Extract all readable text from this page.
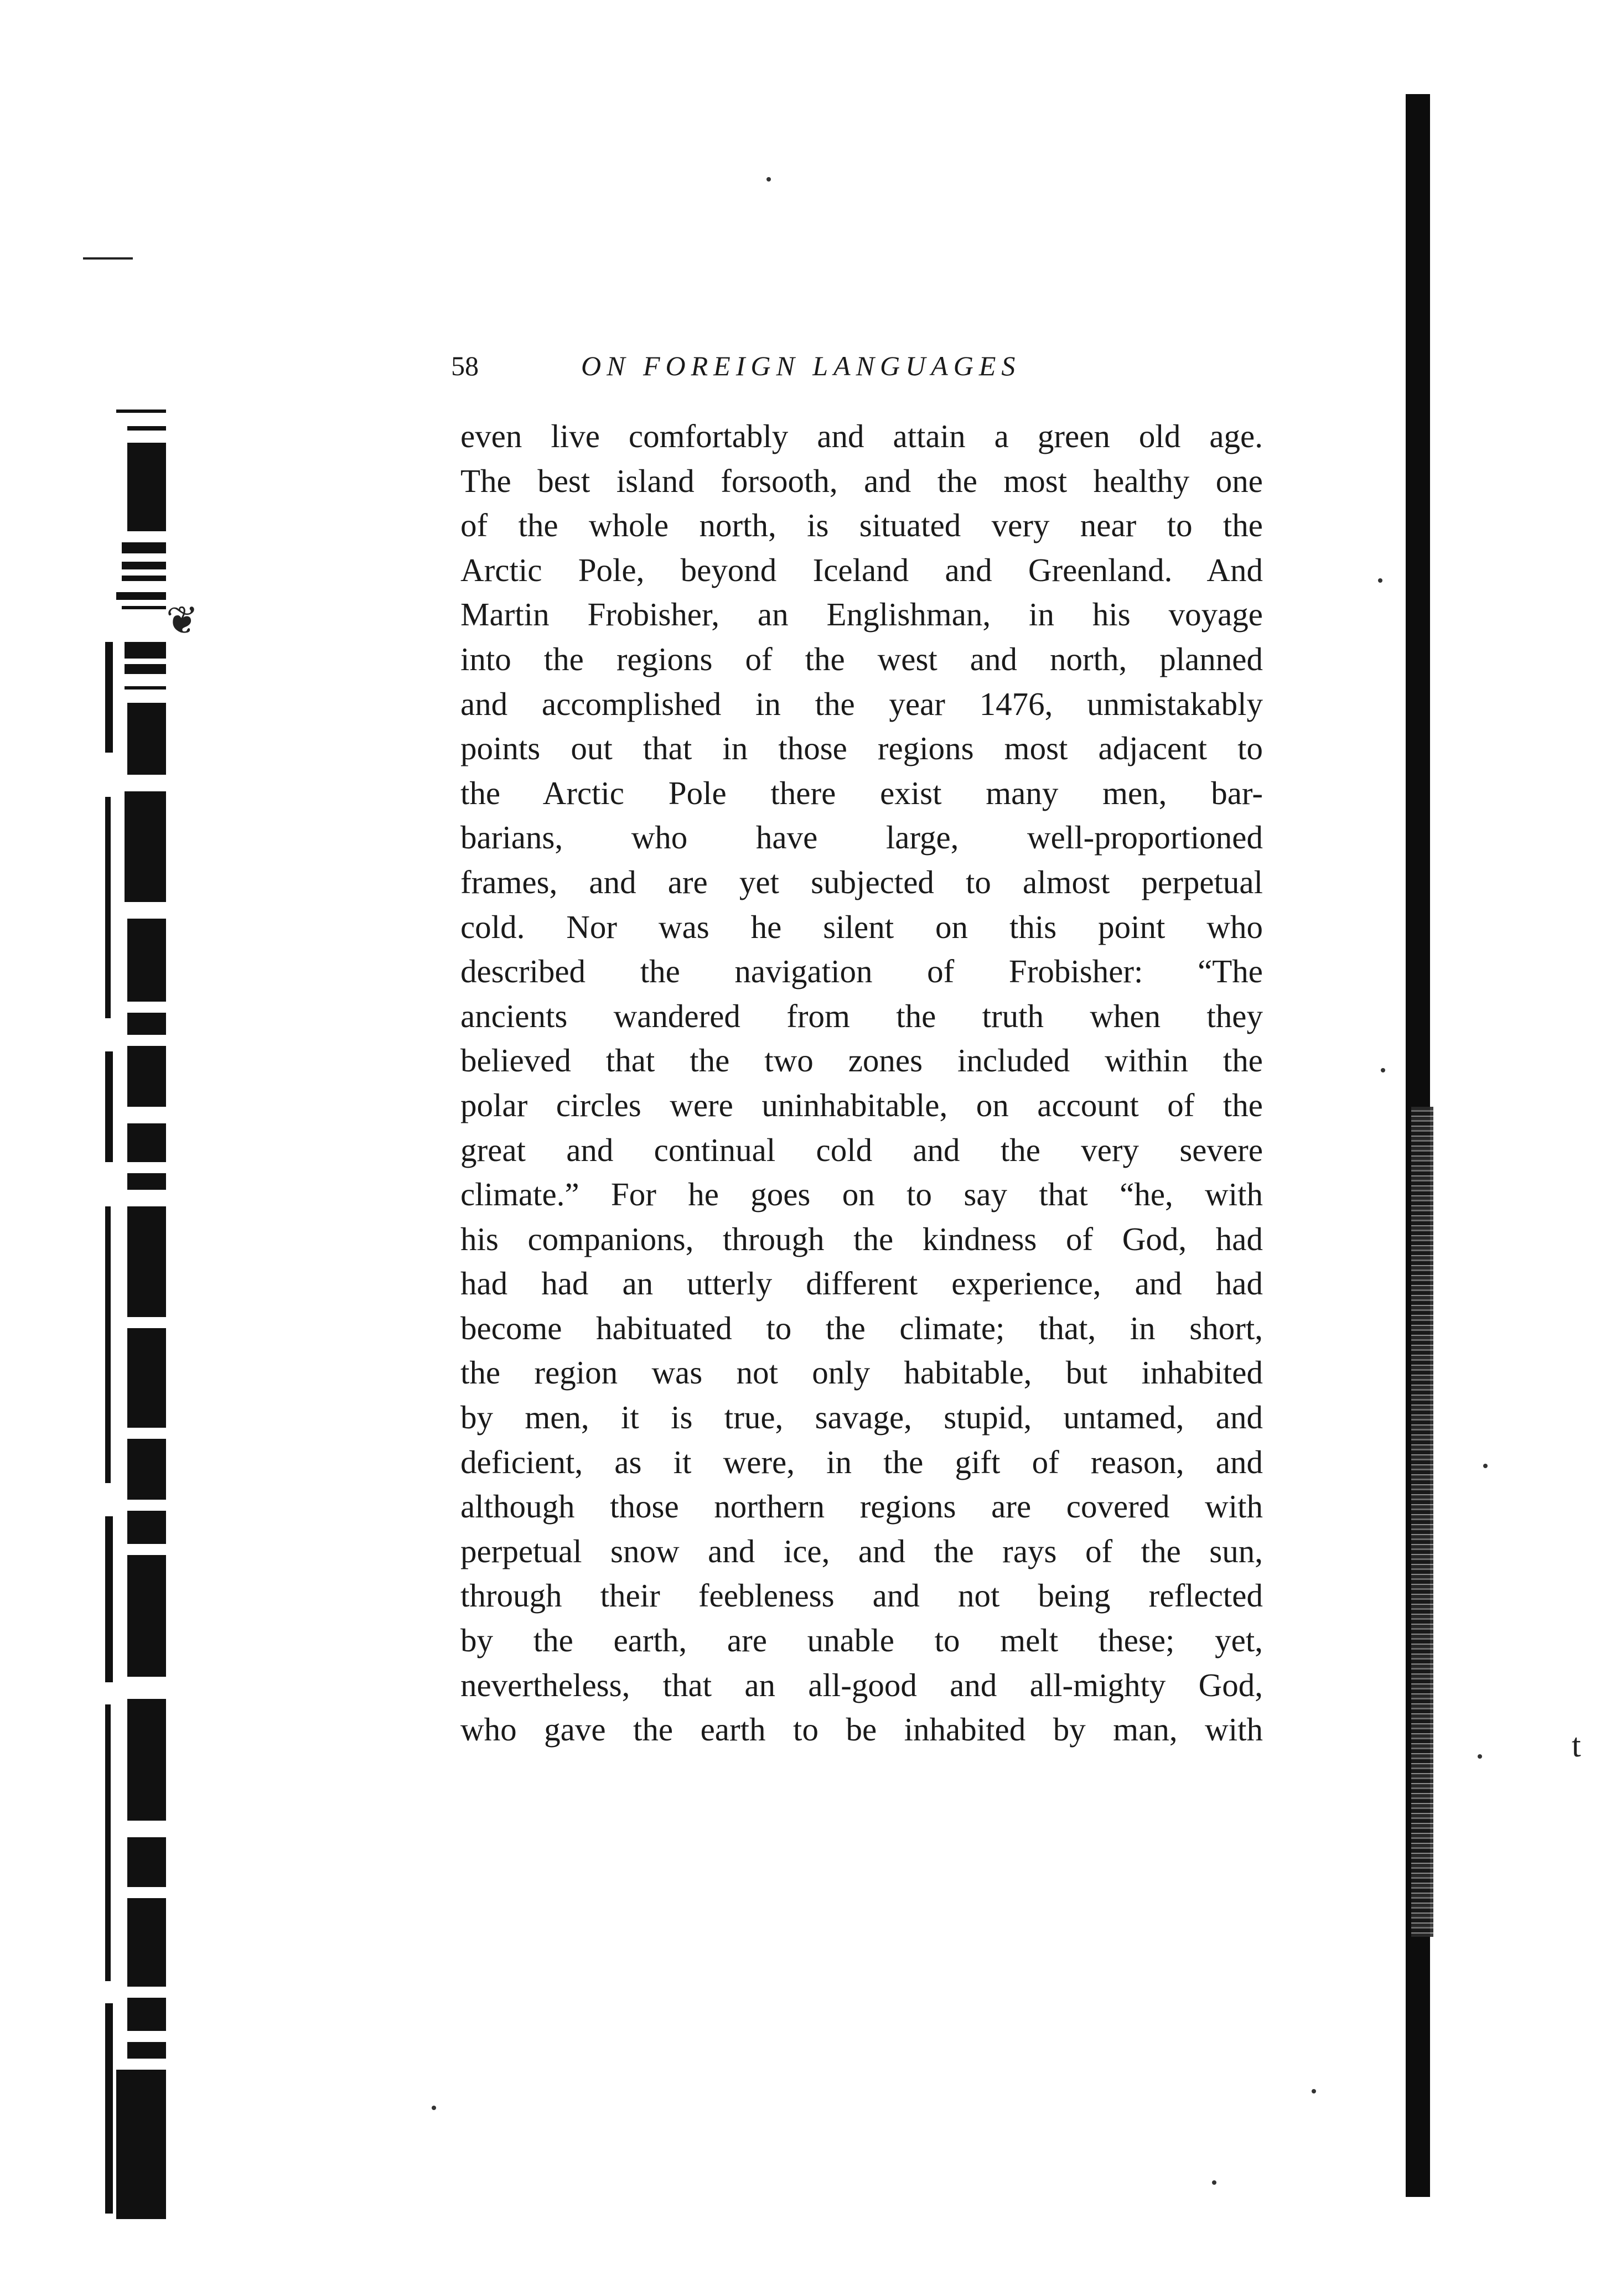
❦
t
58	ON FOREIGN LANGUAGES
even live comfortably and attain a green old age.
The best island forsooth, and the most healthy one
of the whole north, is situated very near to the
Arctic Pole, beyond Iceland and Greenland. And
Martin Frobisher, an Englishman, in his voyage
into the regions of the west and north, planned
and accomplished in the year 1476, unmistakably
points out that in those regions most adjacent to
the Arctic Pole there exist many men, bar-
barians, who have large, well-proportioned
frames, and are yet subjected to almost perpetual
cold. Nor was he silent on this point who
described the navigation of Frobisher: “The
ancients wandered from the truth when they
believed that the two zones included within the
polar circles were uninhabitable, on account of the
great and continual cold and the very severe
climate.” For he goes on to say that “he, with
his companions, through the kindness of God, had
had had an utterly different experience, and had
become habituated to the climate; that, in short,
the region was not only habitable, but inhabited
by men, it is true, savage, stupid, untamed, and
deficient, as it were, in the gift of reason, and
although those northern regions are covered with
perpetual snow and ice, and the rays of the sun,
through their feebleness and not being reflected
by the earth, are unable to melt these; yet,
nevertheless, that an all-good and all-mighty God,
who gave the earth to be inhabited by man, with
